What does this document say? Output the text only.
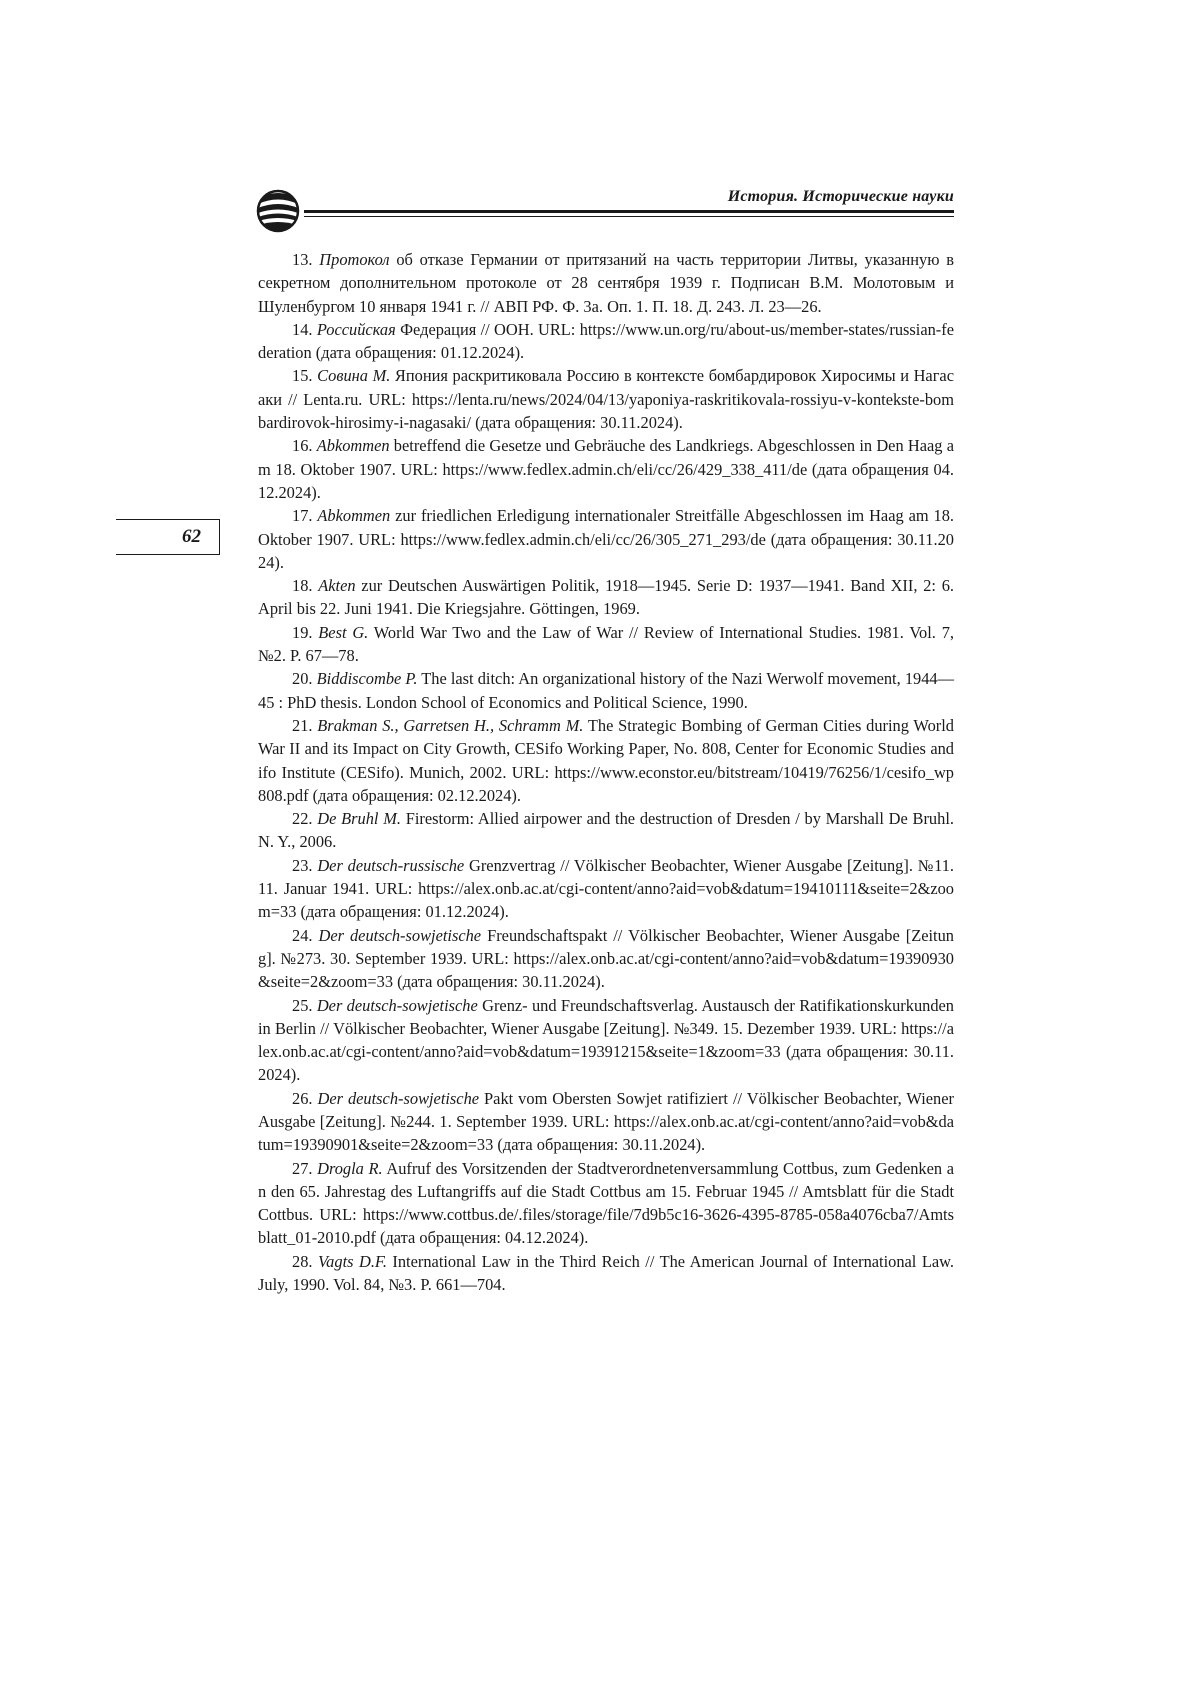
История. Исторические науки
62
13. Протокол об отказе Германии от притязаний на часть территории Литвы, указанную в секретном дополнительном протоколе от 28 сентября 1939 г. Подписан В.М. Молотовым и Шуленбургом 10 января 1941 г. // АВП РФ. Ф. 3а. Оп. 1. П. 18. Д. 243. Л. 23—26.
14. Российская Федерация // ООН. URL: https://www.un.org/ru/about-us/member-states/russian-federation (дата обращения: 01.12.2024).
15. Совина М. Япония раскритиковала Россию в контексте бомбардировок Хиросимы и Нагасаки // Lenta.ru. URL: https://lenta.ru/news/2024/04/13/yaponiya-raskritikovala-rossiyu-v-kontekste-bombardirovok-hirosimy-i-nagasaki/ (дата обращения: 30.11.2024).
16. Abkommen betreffend die Gesetze und Gebräuche des Landkriegs. Abgeschlossen in Den Haag am 18. Oktober 1907. URL: https://www.fedlex.admin.ch/eli/cc/26/429_338_411/de (дата обращения 04.12.2024).
17. Abkommen zur friedlichen Erledigung internationaler Streitfälle Abgeschlossen im Haag am 18. Oktober 1907. URL: https://www.fedlex.admin.ch/eli/cc/26/305_271_293/de (дата обращения: 30.11.2024).
18. Akten zur Deutschen Auswärtigen Politik, 1918—1945. Serie D: 1937—1941. Band XII, 2: 6. April bis 22. Juni 1941. Die Kriegsjahre. Göttingen, 1969.
19. Best G. World War Two and the Law of War // Review of International Studies. 1981. Vol. 7, №2. P. 67—78.
20. Biddiscombe P. The last ditch: An organizational history of the Nazi Werwolf movement, 1944—45 : PhD thesis. London School of Economics and Political Science, 1990.
21. Brakman S., Garretsen H., Schramm M. The Strategic Bombing of German Cities during World War II and its Impact on City Growth, CESifo Working Paper, No. 808, Center for Economic Studies and ifo Institute (CESifo). Munich, 2002. URL: https://www.econstor.eu/bitstream/10419/76256/1/cesifo_wp808.pdf (дата обращения: 02.12.2024).
22. De Bruhl M. Firestorm: Allied airpower and the destruction of Dresden / by Marshall De Bruhl. N. Y., 2006.
23. Der deutsch-russische Grenzvertrag // Völkischer Beobachter, Wiener Ausgabe [Zeitung]. №11. 11. Januar 1941. URL: https://alex.onb.ac.at/cgi-content/anno?aid=vob&datum=19410111&seite=2&zoom=33 (дата обращения: 01.12.2024).
24. Der deutsch-sowjetische Freundschaftspakt // Völkischer Beobachter, Wiener Ausgabe [Zeitung]. №273. 30. September 1939. URL: https://alex.onb.ac.at/cgi-content/anno?aid=vob&datum=19390930&seite=2&zoom=33 (дата обращения: 30.11.2024).
25. Der deutsch-sowjetische Grenz- und Freundschaftsverlag. Austausch der Ratifikationskurkunden in Berlin // Völkischer Beobachter, Wiener Ausgabe [Zeitung]. №349. 15. Dezember 1939. URL: https://alex.onb.ac.at/cgi-content/anno?aid=vob&datum=19391215&seite=1&zoom=33 (дата обращения: 30.11.2024).
26. Der deutsch-sowjetische Pakt vom Obersten Sowjet ratifiziert // Völkischer Beobachter, Wiener Ausgabe [Zeitung]. №244. 1. September 1939. URL: https://alex.onb.ac.at/cgi-content/anno?aid=vob&datum=19390901&seite=2&zoom=33 (дата обращения: 30.11.2024).
27. Drogla R. Aufruf des Vorsitzenden der Stadtverordnetenversammlung Cottbus, zum Gedenken an den 65. Jahrestag des Luftangriffs auf die Stadt Cottbus am 15. Februar 1945 // Amtsblatt für die Stadt Cottbus. URL: https://www.cottbus.de/.files/storage/file/7d9b5c16-3626-4395-8785-058a4076cba7/Amtsblatt_01-2010.pdf (дата обращения: 04.12.2024).
28. Vagts D.F. International Law in the Third Reich // The American Journal of International Law. July, 1990. Vol. 84, №3. P. 661—704.
